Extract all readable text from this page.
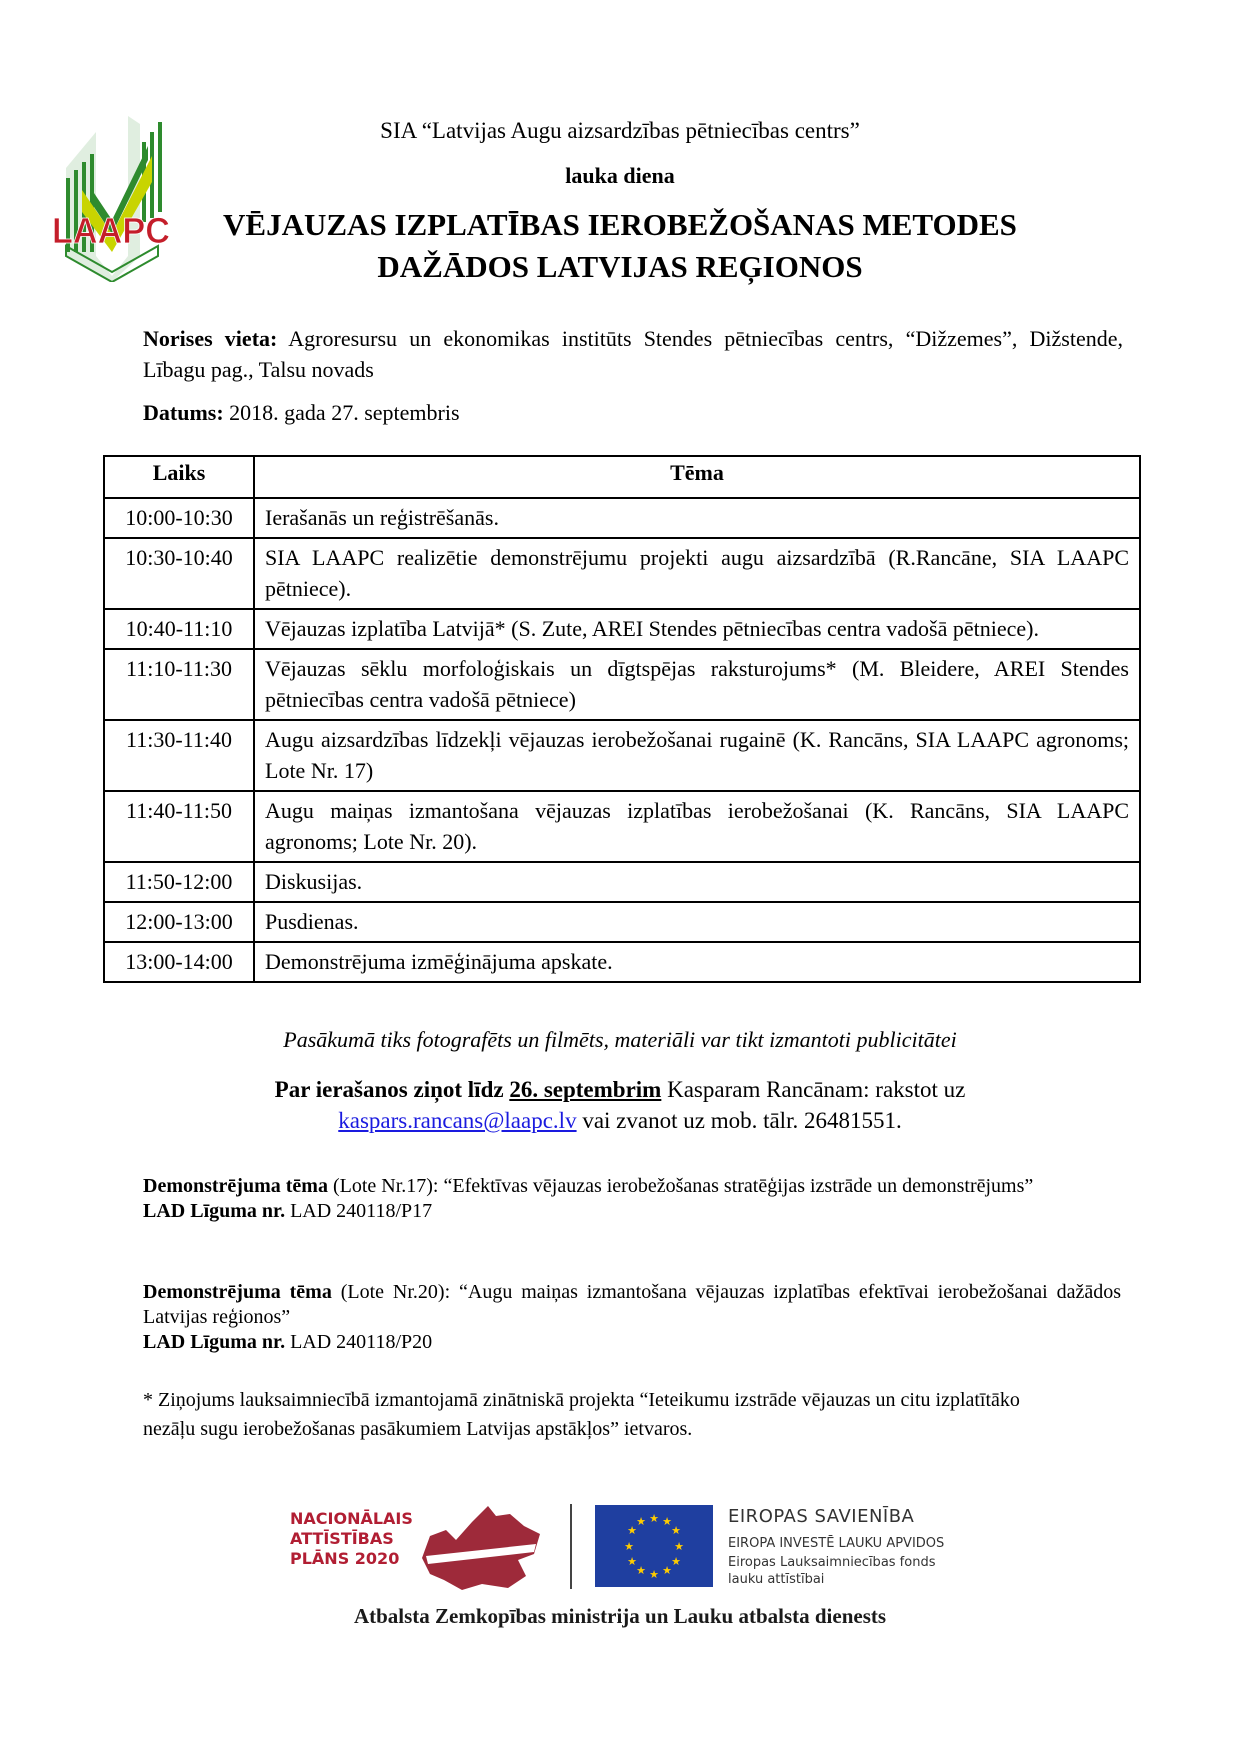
LAAPC
SIA “Latvijas Augu aizsardzības pētniecības centrs”
lauka diena
VĒJAUZAS IZPLATĪBAS IEROBEŽOŠANAS METODES
DAŽĀDOS LATVIJAS REĢIONOS
Norises vieta: Agroresursu un ekonomikas institūts Stendes pētniecības centrs, “Dižzemes”, Dižstende, Lībagu pag., Talsu novads
Datums: 2018. gada 27. septembris
Laiks	Tēma
10:00-10:30	Ierašanās un reģistrēšanās.
10:30-10:40	SIA LAAPC realizētie demonstrējumu projekti augu aizsardzībā (R.Rancāne, SIA LAAPC pētniece).
10:40-11:10	Vējauzas izplatība Latvijā* (S. Zute, AREI Stendes pētniecības centra vadošā pētniece).
11:10-11:30	Vējauzas sēklu morfoloģiskais un dīgtspējas raksturojums* (M. Bleidere, AREI Stendes pētniecības centra vadošā pētniece)
11:30-11:40	Augu aizsardzības līdzekļi vējauzas ierobežošanai rugainē (K. Rancāns, SIA LAAPC agronoms; Lote Nr. 17)
11:40-11:50	Augu maiņas izmantošana vējauzas izplatības ierobežošanai (K. Rancāns, SIA LAAPC agronoms; Lote Nr. 20).
11:50-12:00	Diskusijas.
12:00-13:00	Pusdienas.
13:00-14:00	Demonstrējuma izmēģinājuma apskate.
Pasākumā tiks fotografēts un filmēts, materiāli var tikt izmantoti publicitātei
Par ierašanos ziņot līdz 26. septembrim Kasparam Rancānam: rakstot uz
kaspars.rancans@laapc.lv vai zvanot uz mob. tālr. 26481551.
Demonstrējuma tēma (Lote Nr.17): “Efektīvas vējauzas ierobežošanas stratēģijas izstrāde un demonstrējums”
LAD Līguma nr. LAD 240118/P17
Demonstrējuma tēma (Lote Nr.20): “Augu maiņas izmantošana vējauzas izplatības efektīvai ierobežošanai dažādos Latvijas reģionos”
LAD Līguma nr. LAD 240118/P20
* Ziņojums lauksaimniecībā izmantojamā zinātniskā projekta “Ieteikumu izstrāde vējauzas un citu izplatītāko nezāļu sugu ierobežošanas pasākumiem Latvijas apstākļos” ietvaros.
NACIONĀLAIS
ATTĪSTĪBAS
PLĀNS 2020
★ ★
★
★
★
★
★
★
★
★
★
★	EIROPAS SAVIENĪBA
EIROPA INVESTĒ LAUKU APVIDOS
Eiropas Lauksaimniecības fonds lauku attīstībai
Atbalsta Zemkopības ministrija un Lauku atbalsta dienests
